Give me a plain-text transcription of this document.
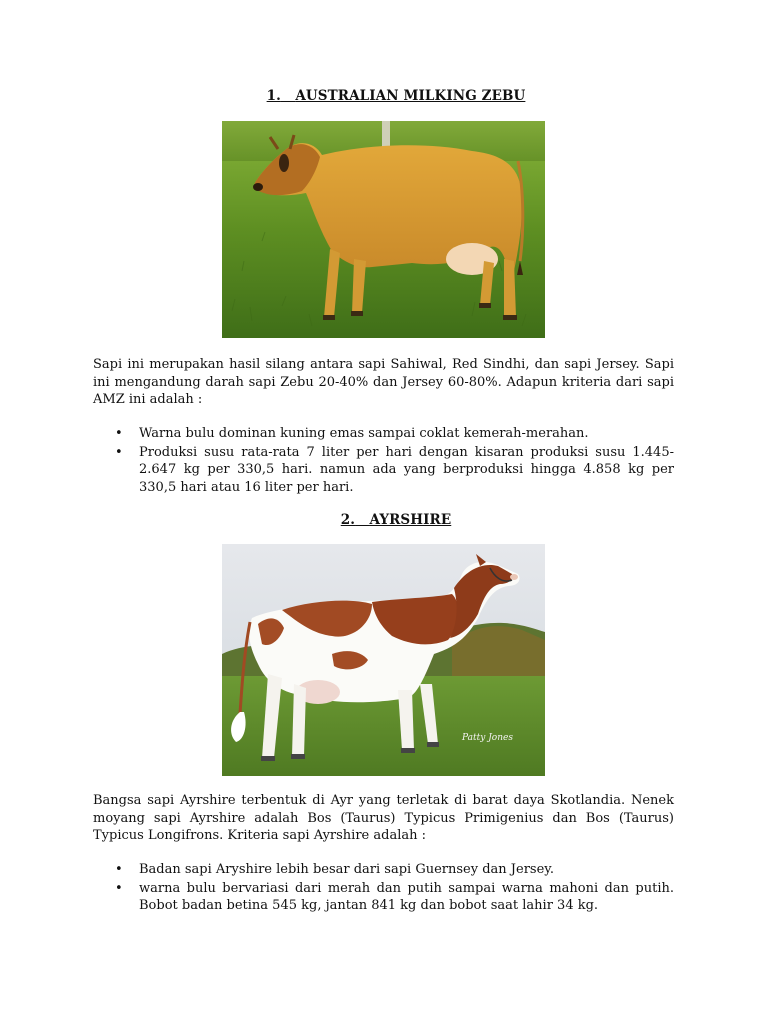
1. AUSTRALIAN MILKING ZEBU

Sapi ini merupakan hasil silang antara sapi Sahiwal, Red Sindhi, dan sapi Jersey. Sapi ini mengandung darah sapi Zebu 20-40% dan Jersey 60-80%. Adapun kriteria dari sapi AMZ ini adalah :

• Warna bulu dominan kuning emas sampai coklat kemerah-merahan.
• Produksi susu rata-rata 7 liter per hari dengan kisaran produksi susu 1.445-2.647 kg per 330,5 hari. namun ada yang berproduksi hingga 4.858 kg per 330,5 hari atau 16 liter per hari.
2. AYRSHIRE
Patty Jones

Bangsa sapi Ayrshire terbentuk di Ayr yang terletak di barat daya Skotlandia. Nenek moyang sapi Ayrshire adalah Bos (Taurus) Typicus Primigenius dan Bos (Taurus) Typicus Longifrons. Kriteria sapi Ayrshire adalah :

• Badan sapi Aryshire lebih besar dari sapi Guernsey dan Jersey.
• warna bulu bervariasi dari merah dan putih sampai warna mahoni dan putih. Bobot badan betina 545 kg, jantan 841 kg dan bobot saat lahir 34 kg.
